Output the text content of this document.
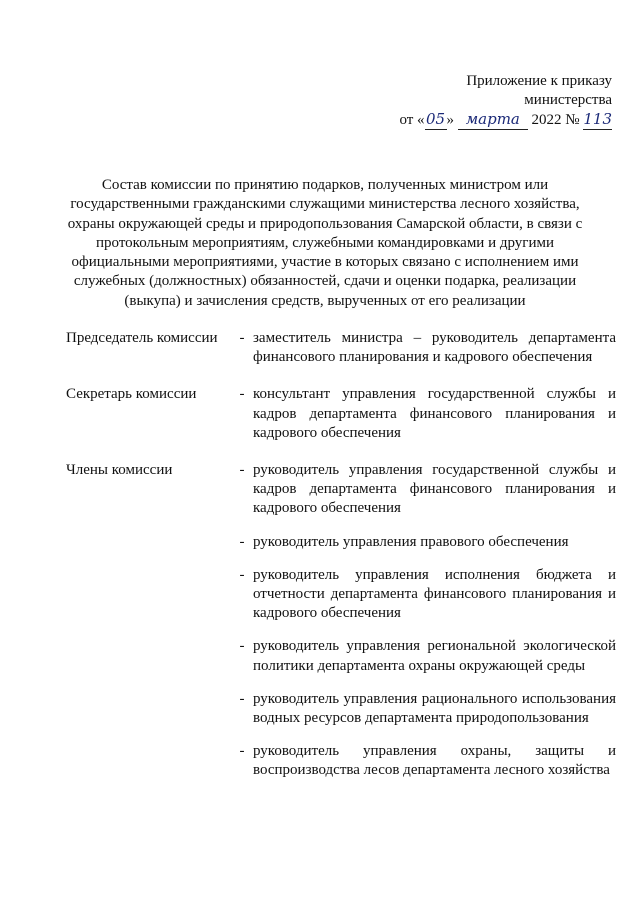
Приложение к приказу
министерства
от «05» марта 2022 № 113
Состав комиссии по принятию подарков, полученных министром или государственными гражданскими служащими министерства лесного хозяйства, охраны окружающей среды и природопользования Самарской области, в связи с протокольным мероприятиям, служебными командировками и другими официальными мероприятиями, участие в которых связано с исполнением ими служебных (должностных) обязанностей, сдачи и оценки подарка, реализации (выкупа) и зачисления средств, вырученных от его реализации
Председатель комиссии	- заместитель министра – руководитель департамента финансового планирования и кадрового обеспечения
Секретарь комиссии	- консультант управления государственной службы и кадров департамента финансового планирования и кадрового обеспечения
Члены комиссии	- руководитель управления государственной службы и кадров департамента финансового планирования и кадрового обеспечения
- руководитель управления правового обеспечения
- руководитель управления исполнения бюджета и отчетности департамента финансового планирования и кадрового обеспечения
- руководитель управления региональной экологической политики департамента охраны окружающей среды
- руководитель управления рационального использования водных ресурсов департамента природопользования
- руководитель управления охраны, защиты и воспроизводства лесов департамента лесного хозяйства
